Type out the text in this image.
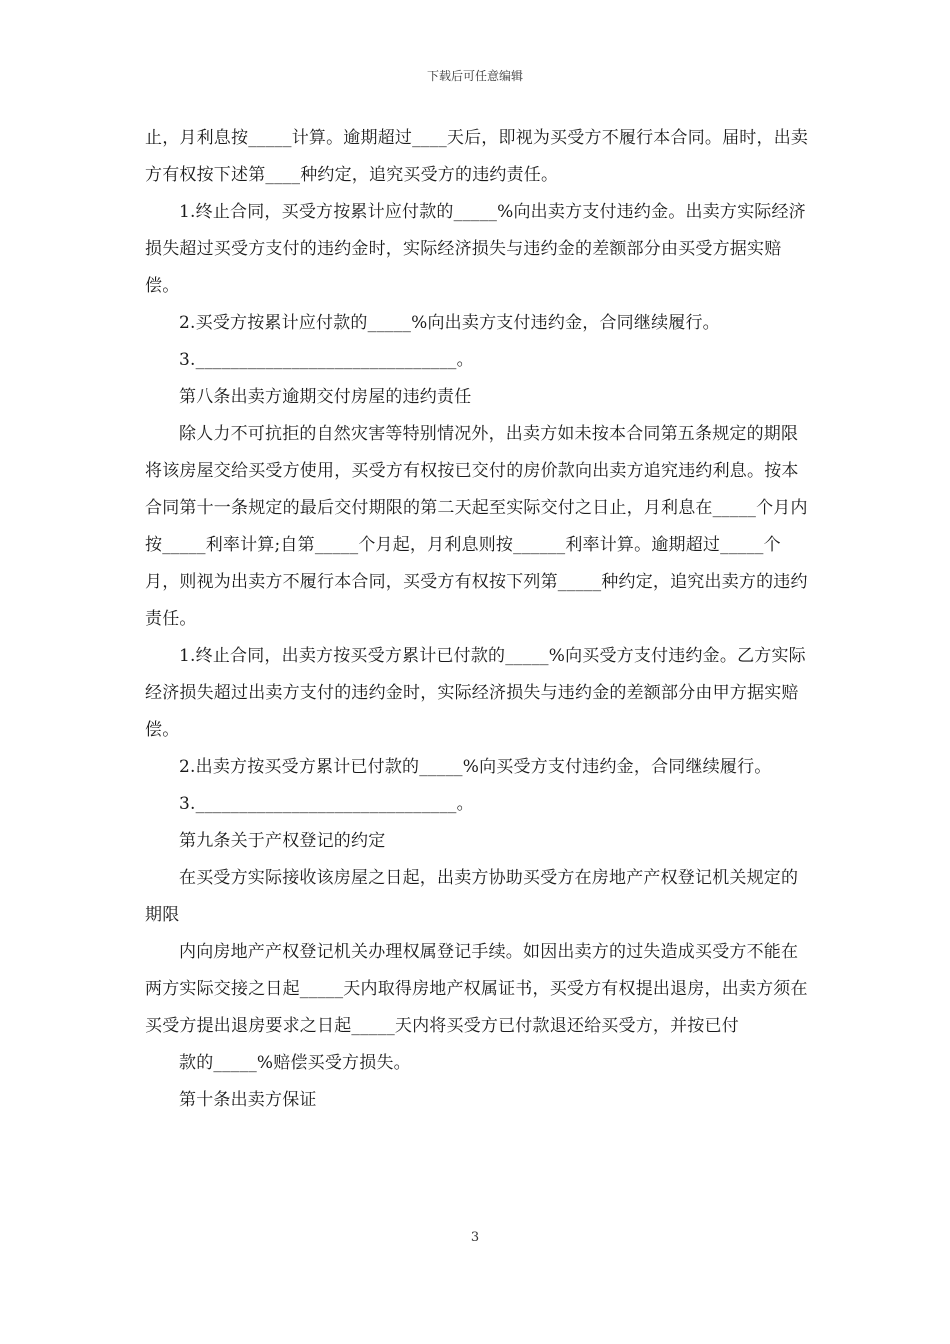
下载后可任意编辑

止，月利息按_____计算。逾期超过____天后，即视为买受方不履行本合同。届时，出卖方有权按下述第____种约定，追究买受方的违约责任。

1.终止合同，买受方按累计应付款的_____%向出卖方支付违约金。出卖方实际经济损失超过买受方支付的违约金时，实际经济损失与违约金的差额部分由买受方据实赔偿。

2.买受方按累计应付款的_____%向出卖方支付违约金，合同继续履行。

3.______________________________。

第八条出卖方逾期交付房屋的违约责任

除人力不可抗拒的自然灾害等特别情况外，出卖方如未按本合同第五条规定的期限将该房屋交给买受方使用，买受方有权按已交付的房价款向出卖方追究违约利息。按本合同第十一条规定的最后交付期限的第二天起至实际交付之日止，月利息在_____个月内按_____利率计算;自第_____个月起，月利息则按______利率计算。逾期超过_____个月，则视为出卖方不履行本合同，买受方有权按下列第_____种约定，追究出卖方的违约责任。

1.终止合同，出卖方按买受方累计已付款的_____%向买受方支付违约金。乙方实际经济损失超过出卖方支付的违约金时，实际经济损失与违约金的差额部分由甲方据实赔偿。

2.出卖方按买受方累计已付款的_____%向买受方支付违约金，合同继续履行。

3.______________________________。

第九条关于产权登记的约定

在买受方实际接收该房屋之日起，出卖方协助买受方在房地产产权登记机关规定的期限

内向房地产产权登记机关办理权属登记手续。如因出卖方的过失造成买受方不能在两方实际交接之日起_____天内取得房地产权属证书，买受方有权提出退房，出卖方须在买受方提出退房要求之日起_____天内将买受方已付款退还给买受方，并按已付

款的_____%赔偿买受方损失。

第十条出卖方保证

3
